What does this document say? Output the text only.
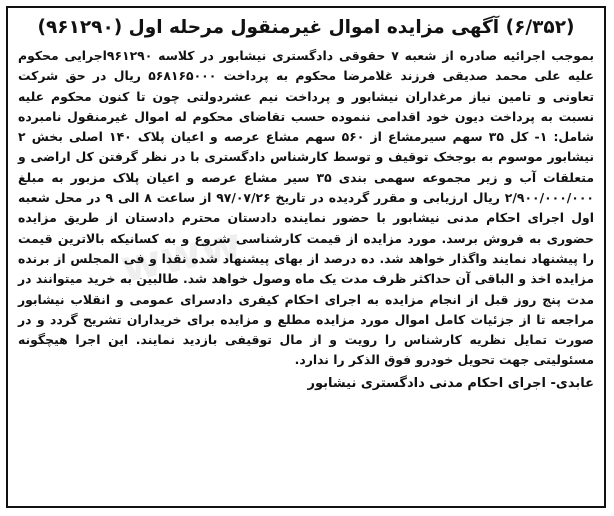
(۶/۳۵۲) آگهی مزایده اموال غیرمنقول مرحله اول (۹۶۱۲۹۰)

بموجب اجرائیه صادره از شعبه ۷ حقوقی دادگستری نیشابور در کلاسه ۹۶۱۲۹۰اجرایی محکوم علیه علی محمد صدیقی فرزند غلامرضا محکوم به پرداخت ۵۶۸۱۶۵۰۰۰ ریال در حق شرکت تعاونی و تامین نیاز مرغداران نیشابور و پرداخت نیم عشردولتی چون تا کنون محکوم علیه نسبت به پرداخت دیون خود اقدامی ننموده حسب تقاضای محکوم له اموال غیرمنقول نامبرده شامل: ۱- کل ۳۵ سهم سیرمشاع از ۵۶۰ سهم مشاع عرصه و اعیان پلاک ۱۴۰ اصلی بخش ۲ نیشابور موسوم به بوجخک توقیف و توسط کارشناس دادگستری با در نظر گرفتن کل اراضی و متعلقات آب و زیر مجموعه سهمی بندی ۳۵ سیر مشاع عرصه و اعیان پلاک مزبور به مبلغ ۲/۹۰۰/۰۰۰/۰۰۰ ریال ارزیابی و مقرر گردیده در تاریخ ۹۷/۰۷/۲۶ از ساعت ۸ الی ۹ در محل شعبه اول اجرای احکام مدنی نیشابور با حضور نماینده دادستان محترم دادستان از طریق مزایده حضوری به فروش برسد. مورد مزایده از قیمت کارشناسی شروع و به کسانیکه بالاترین قیمت را پیشنهاد نمایند واگذار خواهد شد. ده درصد از بهای پیشنهاد شده نقدا و فی المجلس از برنده مزایده اخذ و الباقی آن حداکثر ظرف مدت یک ماه وصول خواهد شد. طالبین به خرید میتوانند در مدت پنج روز قبل از انجام مزایده به اجرای احکام کیفری دادسرای عمومی و انقلاب نیشابور مراجعه تا از جزئیات کامل اموال مورد مزایده مطلع و مزایده برای خریداران تشریح گردد و در صورت تمایل نظریه کارشناس را رویت و از مال توقیفی بازدید نمایند. این اجرا هیچگونه مسئولیتی جهت تحویل خودرو فوق الذکر را ندارد.

عابدی- اجرای احکام مدنی دادگستری نیشابور
